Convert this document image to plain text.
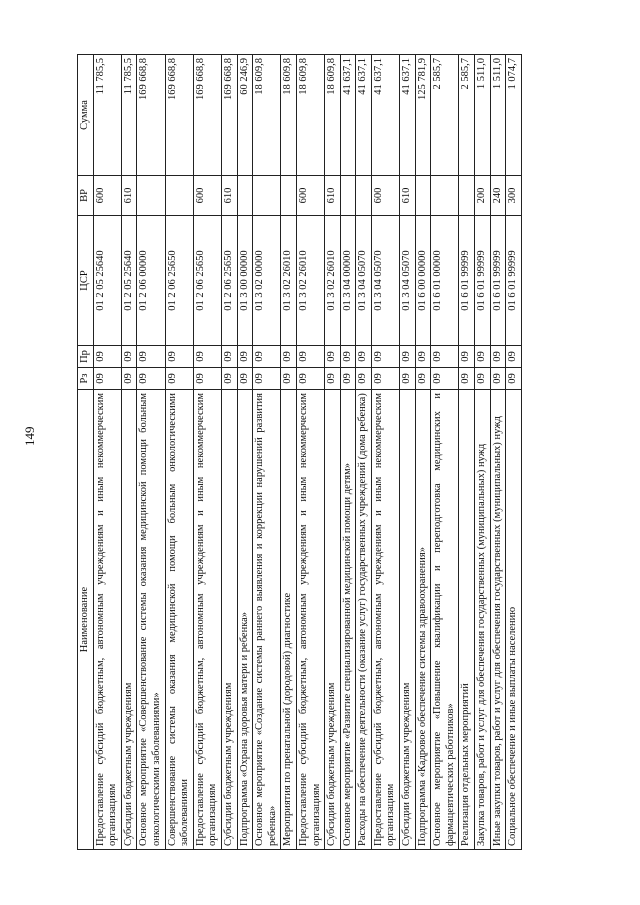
149
Наименование	Рз	Пр	ЦСР	ВР	Сумма
Предоставление субсидий бюджетным, автономным учреждениям и иным некоммерческим организациям	09	09	01 2 05 25640	600	11 785,5
Субсидии бюджетным учреждениям	09	09	01 2 05 25640	610	11 785,5
Основное мероприятие «Совершенствование системы оказания медицинской помощи больным онкологическими заболеваниями»	09	09	01 2 06 00000		169 668,8
Совершенствование системы оказания медицинской помощи больным онкологическими заболеваниями	09	09	01 2 06 25650		169 668,8
Предоставление субсидий бюджетным, автономным учреждениям и иным некоммерческим организациям	09	09	01 2 06 25650	600	169 668,8
Субсидии бюджетным учреждениям	09	09	01 2 06 25650	610	169 668,8
Подпрограмма «Охрана здоровья матери и ребенка»	09	09	01 3 00 00000		60 246,9
Основное мероприятие «Создание системы раннего выявления и коррекции нарушений развития ребенка»	09	09	01 3 02 00000		18 609,8
Мероприятия по пренатальной (дородовой) диагностике	09	09	01 3 02 26010		18 609,8
Предоставление субсидий бюджетным, автономным учреждениям и иным некоммерческим организациям	09	09	01 3 02 26010	600	18 609,8
Субсидии бюджетным учреждениям	09	09	01 3 02 26010	610	18 609,8
Основное мероприятие «Развитие специализированной медицинской помощи детям»	09	09	01 3 04 00000		41 637,1
Расходы на обеспечение деятельности (оказание услуг) государственных учреждений (дома ребенка)	09	09	01 3 04 05070		41 637,1
Предоставление субсидий бюджетным, автономным учреждениям и иным некоммерческим организациям	09	09	01 3 04 05070	600	41 637,1
Субсидии бюджетным учреждениям	09	09	01 3 04 05070	610	41 637,1
Подпрограмма «Кадровое обеспечение системы здравоохранения»	09	09	01 6 00 00000		125 781,9
Основное мероприятие «Повышение квалификации и переподготовка медицинских и фармацевтических работников»	09	09	01 6 01 00000		2 585,7
Реализация отдельных мероприятий	09	09	01 6 01 99999		2 585,7
Закупка товаров, работ и услуг для обеспечения государственных (муниципальных) нужд	09	09	01 6 01 99999	200	1 511,0
Иные закупки товаров, работ и услуг для обеспечения государственных (муниципальных) нужд	09	09	01 6 01 99999	240	1 511,0
Социальное обеспечение и иные выплаты населению	09	09	01 6 01 99999	300	1 074,7
